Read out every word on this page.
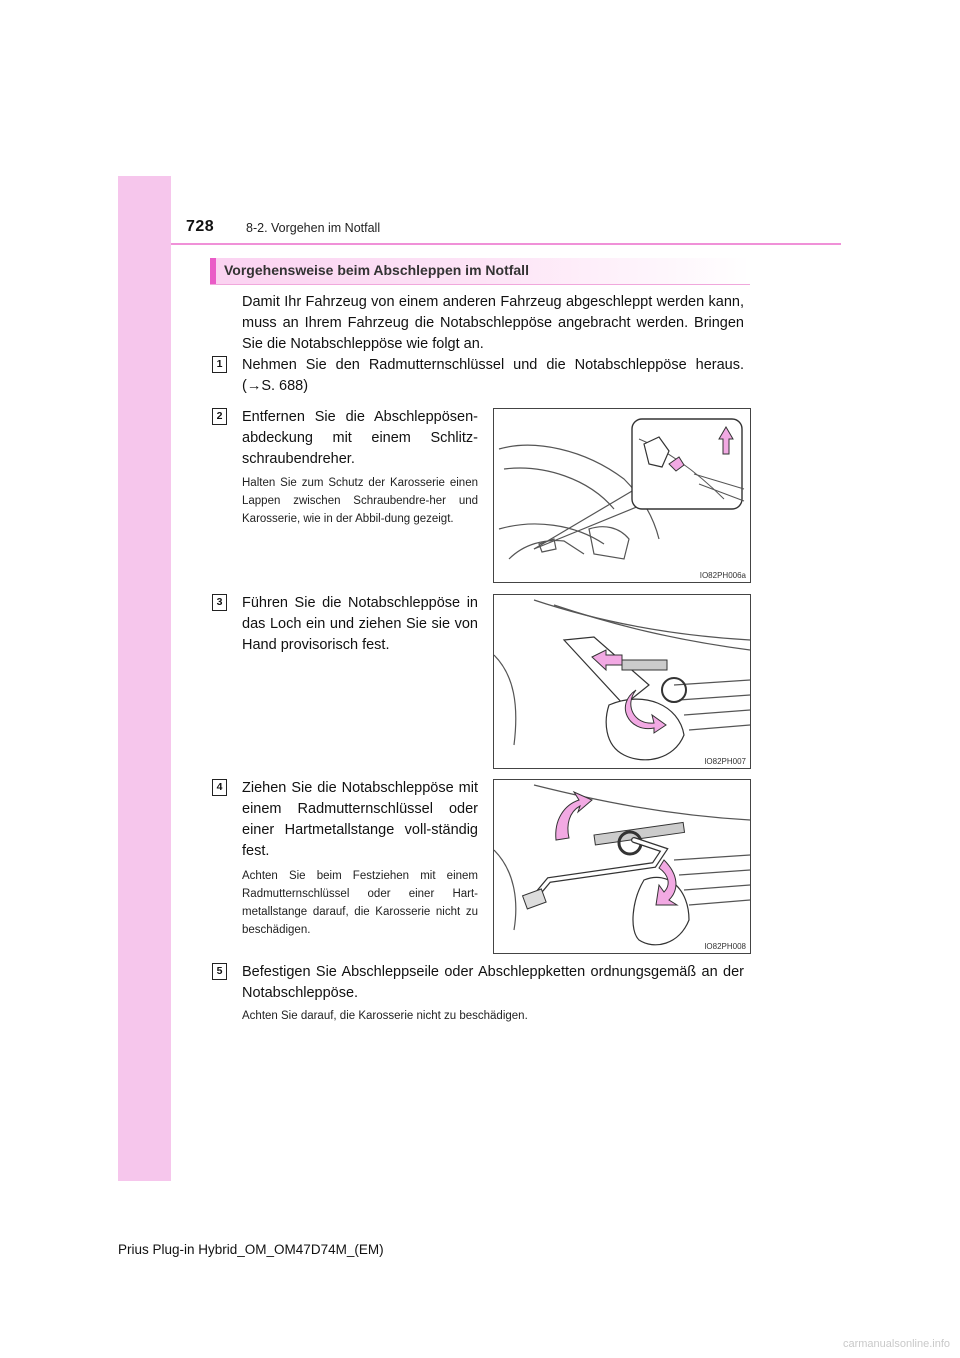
728	8-2. Vorgehen im Notfall
Vorgehensweise beim Abschleppen im Notfall
Damit Ihr Fahrzeug von einem anderen Fahrzeug abgeschleppt werden kann, muss an Ihrem Fahrzeug die Notabschleppöse angebracht werden. Bringen Sie die Notabschleppöse wie folgt an.
1	Nehmen Sie den Radmutternschlüssel und die Notabschleppöse heraus. (→S. 688)
2	Entfernen Sie die Abschleppösen-abdeckung mit einem Schlitz-schraubendreher.
Halten Sie zum Schutz der Karosserie einen Lappen zwischen Schraubendre-her und Karosserie, wie in der Abbil-dung gezeigt.
IO82PH006a
3	Führen Sie die Notabschleppöse in das Loch ein und ziehen Sie sie von Hand provisorisch fest.
IO82PH007
4	Ziehen Sie die Notabschleppöse mit einem Radmutternschlüssel oder einer Hartmetallstange voll-ständig fest.
Achten Sie beim Festziehen mit einem Radmutternschlüssel oder einer Hart-metallstange darauf, die Karosserie nicht zu beschädigen.
IO82PH008
5	Befestigen Sie Abschleppseile oder Abschleppketten ordnungsgemäß an der Notabschleppöse.
Achten Sie darauf, die Karosserie nicht zu beschädigen.
Prius Plug-in Hybrid_OM_OM47D74M_(EM)
carmanualsonline.info
